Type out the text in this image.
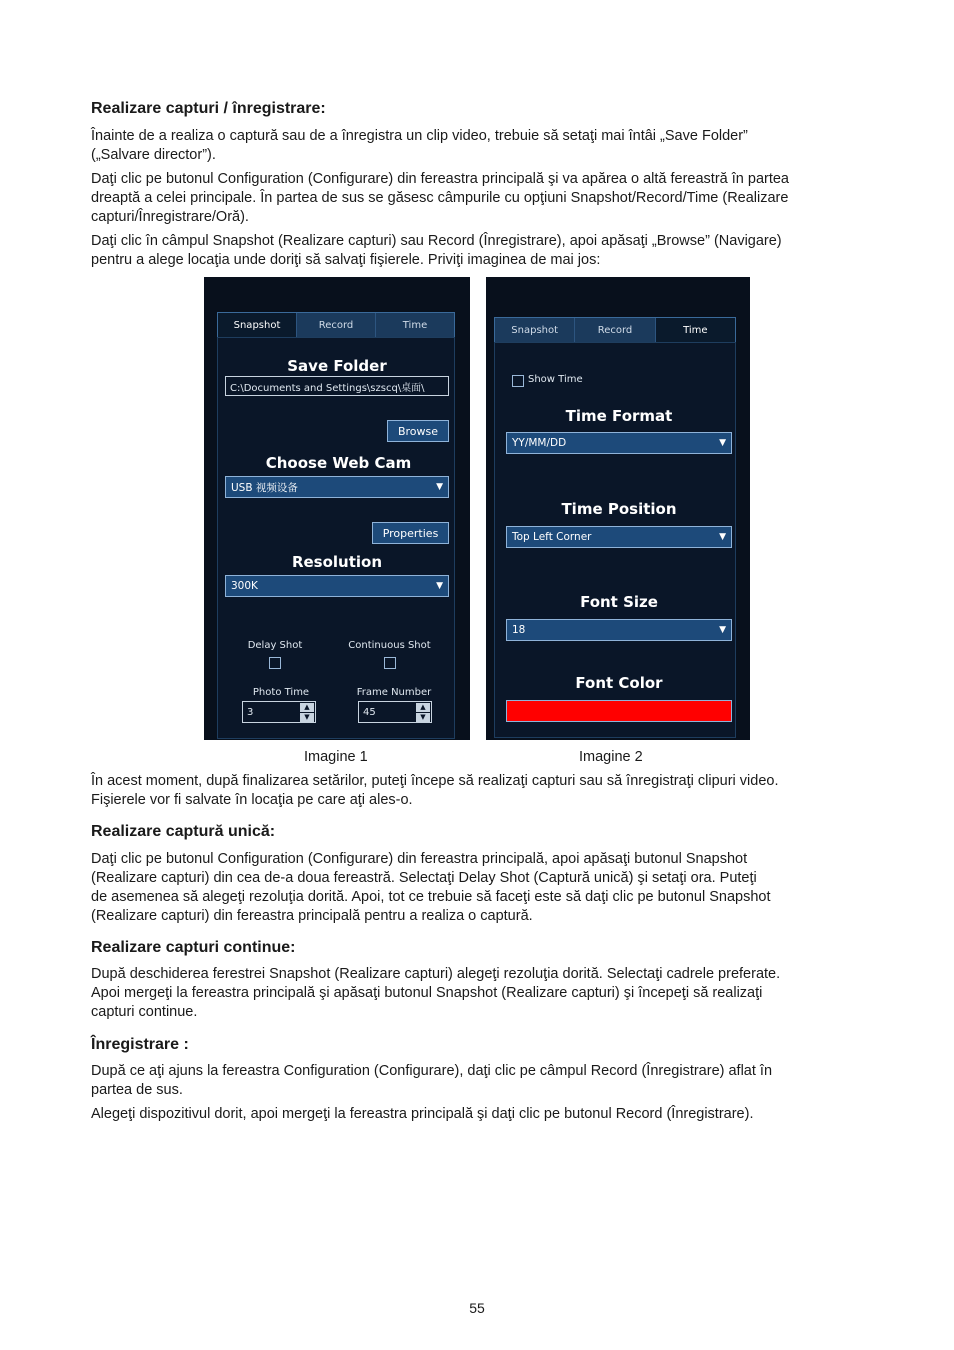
Realizare capturi / înregistrare:
Înainte de a realiza o captură sau de a înregistra un clip video, trebuie să setaţi mai întâi „Save Folder”
(„Salvare director”).
Daţi clic pe butonul Configuration (Configurare) din fereastra principală şi va apărea o altă fereastră în partea
dreaptă a celei principale. În partea de sus se găsesc câmpurile cu opţiuni Snapshot/Record/Time (Realizare
capturi/Înregistrare/Oră).
Daţi clic în câmpul Snapshot (Realizare capturi) sau Record (Înregistrare), apoi apăsaţi „Browse” (Navigare)
pentru a alege locaţia unde doriţi să salvaţi fişierele. Priviţi imaginea de mai jos:
Snapshot	Record	Time
Save Folder
C:\Documents and Settings\szscq\桌面\
Browse
Choose Web Cam
USB 视频设备	▼
Properties
Resolution
300K	▼
Delay Shot	Continuous Shot
Photo Time
3	▲
▼
Frame Number
45	▲
▼
Snapshot	Record	Time
Show Time
Time Format
YY/MM/DD	▼
Time Position
Top Left Corner	▼
Font Size
18	▼
Font Color
Imagine 1	Imagine 2
În acest moment, după finalizarea setărilor, puteţi începe să realizaţi capturi sau să înregistraţi clipuri video.
Fişierele vor fi salvate în locaţia pe care aţi ales-o.
Realizare captură unică:
Daţi clic pe butonul Configuration (Configurare) din fereastra principală, apoi apăsaţi butonul Snapshot
(Realizare capturi) din cea de-a doua fereastră. Selectaţi Delay Shot (Captură unică) şi setaţi ora. Puteţi
de asemenea să alegeţi rezoluţia dorită. Apoi, tot ce trebuie să faceţi este să daţi clic pe butonul Snapshot
(Realizare capturi) din fereastra principală pentru a realiza o captură.
Realizare capturi continue:
După deschiderea ferestrei Snapshot (Realizare capturi) alegeţi rezoluţia dorită. Selectaţi cadrele preferate.
Apoi mergeţi la fereastra principală şi apăsaţi butonul Snapshot (Realizare capturi) şi începeţi să realizaţi
capturi continue.
Înregistrare :
După ce aţi ajuns la fereastra Configuration (Configurare), daţi clic pe câmpul Record (Înregistrare) aflat în
partea de sus.
Alegeţi dispozitivul dorit, apoi mergeţi la fereastra principală şi daţi clic pe butonul Record (Înregistrare).
55
